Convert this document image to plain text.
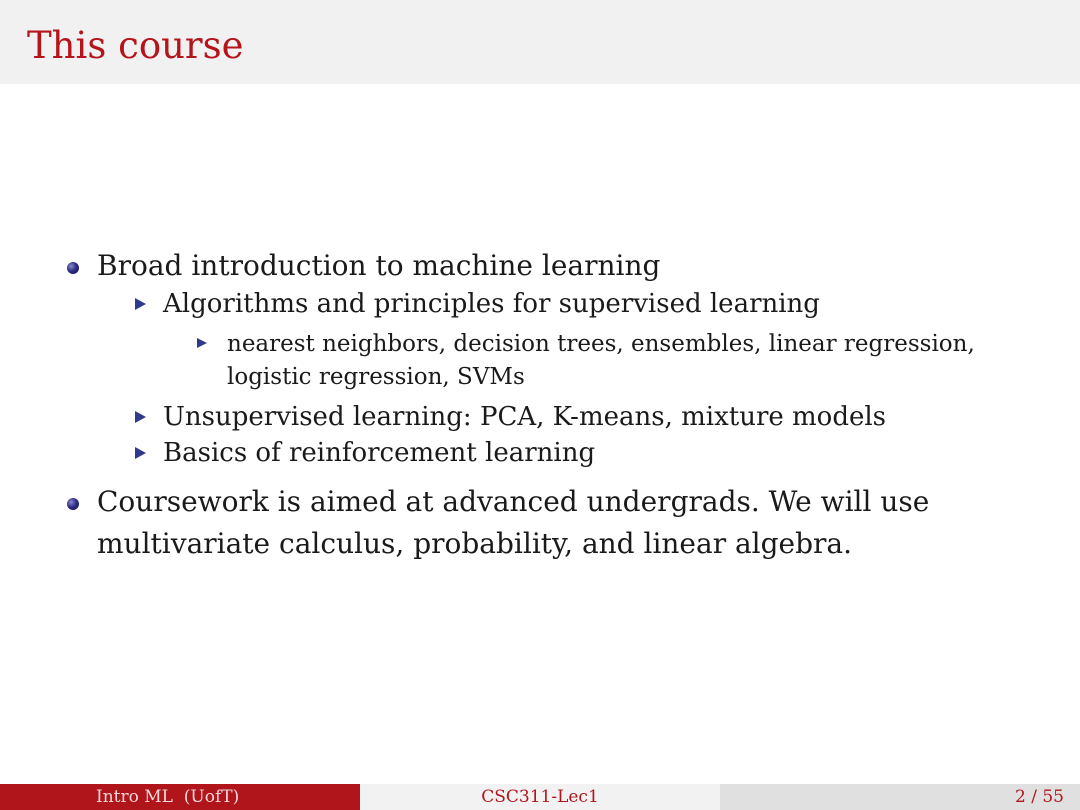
This course
Broad introduction to machine learning
Algorithms and principles for supervised learning
nearest neighbors, decision trees, ensembles, linear regression,
logistic regression, SVMs
Unsupervised learning: PCA, K-means, mixture models
Basics of reinforcement learning
Coursework is aimed at advanced undergrads. We will use
multivariate calculus, probability, and linear algebra.
Intro ML  (UofT)	CSC311-Lec1	2 / 55
